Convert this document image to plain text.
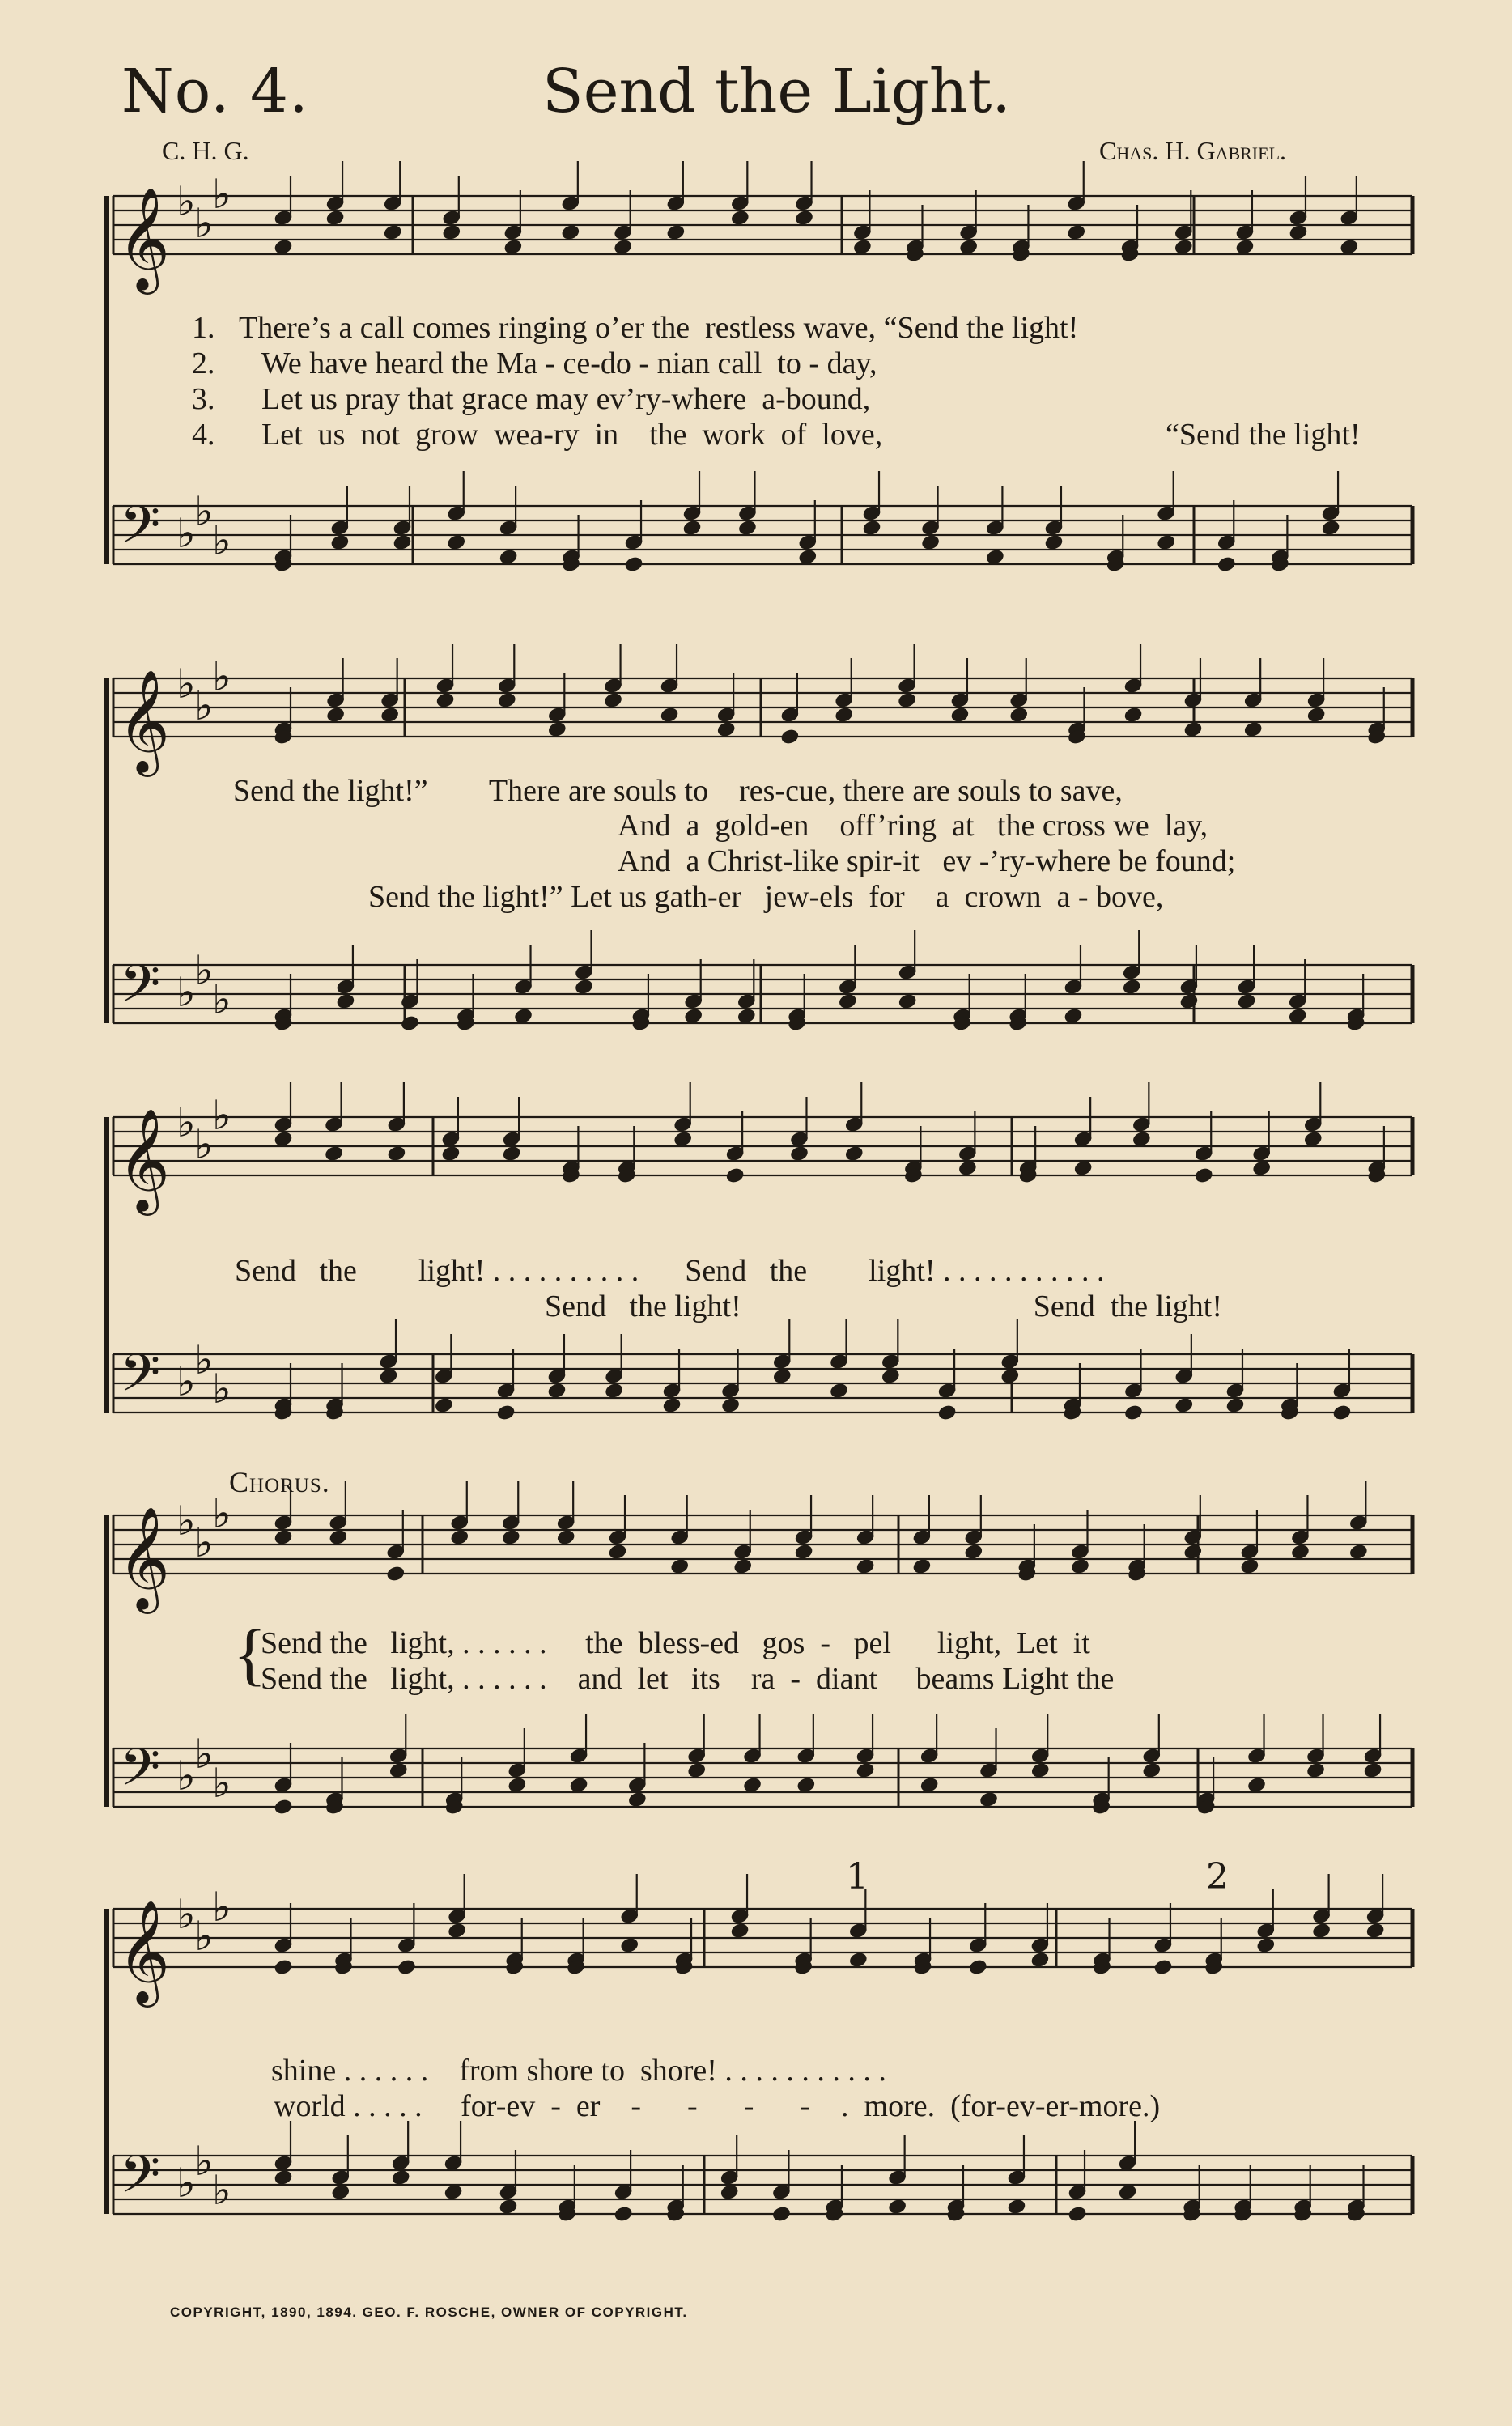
No. 4.	Send the Light.
C. H. G.	Chas. H. Gabriel.
𝄞
𝄢
♭
♭
♭
♭
♭
♭
𝄞
𝄢
♭
♭
♭
♭
♭
♭
𝄞
𝄢
♭
♭
♭
♭
♭
♭
𝄞
𝄢
♭
♭
♭
♭
♭
♭
𝄞
𝄢
♭
♭
♭
♭
♭
♭
1. There’s a call comes ringing o’er the  restless wave, “Send the light!
2. We have heard the Ma - ce-do - nian call  to - day,
3. Let us pray that grace may ev’ry-where  a-bound,
4. Let  us  not  grow  wea-ry  in    the  work  of  love,	“Send the light!
Send the light!”        There are souls to    res-cue, there are souls to save,
And  a  gold-en    off’ring  at   the cross we  lay,
And  a Christ-like spir-it   ev -’ry-where be found;
Send the light!” Let us gath-er   jew-els  for    a  crown  a - bove,
Send   the        light! . . . . . . . . . .      Send   the        light! . . . . . . . . . . .
Send   the light!                                      Send  the light!
Chorus.
{
Send the   light, . . . . . .     the  bless-ed   gos  -   pel      light,  Let  it
Send the   light, . . . . . .    and  let   its    ra  -  diant     beams Light the
1	2
shine . . . . . .    from shore to  shore! . . . . . . . . . . .
world . . . . .     for-ev  -  er    -      -      -      -    .  more.  (for-ev-er-more.)
COPYRIGHT, 1890, 1894. GEO. F. ROSCHE, OWNER OF COPYRIGHT.
